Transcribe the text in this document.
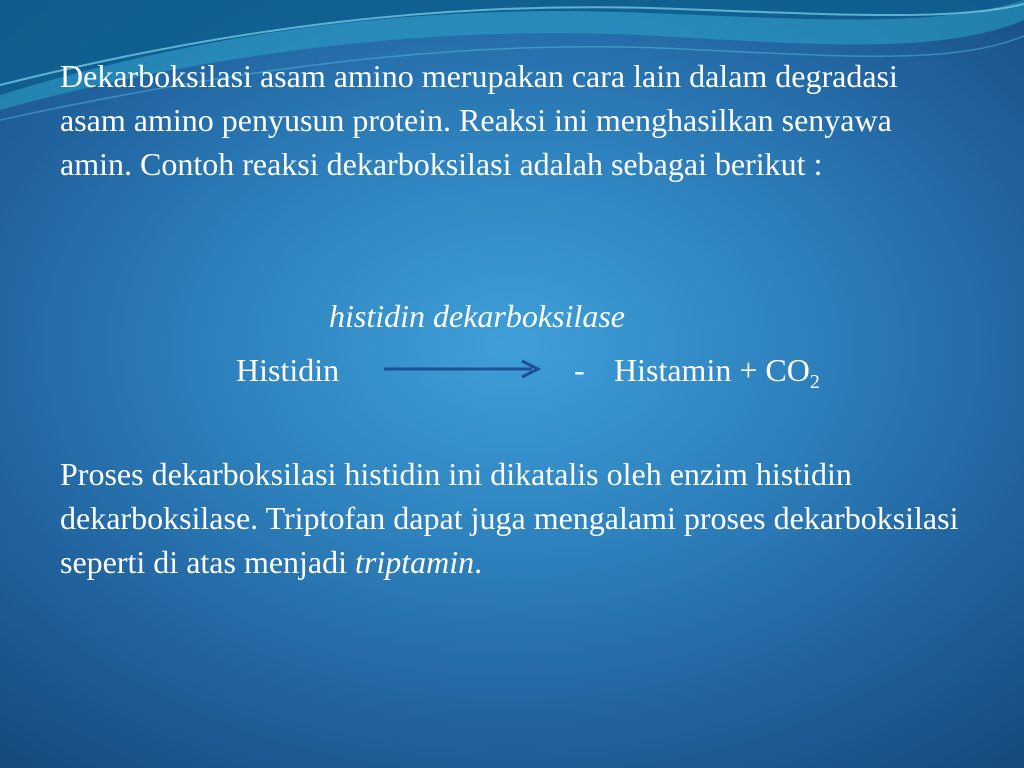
Dekarboksilasi asam amino merupakan cara lain dalam degradasi asam amino penyusun protein. Reaksi ini menghasilkan senyawa amin. Contoh reaksi dekarboksilasi adalah sebagai berikut :

histidin dekarboksilase
Histidin	- Histamin + $CO_2$

Proses dekarboksilasi histidin ini dikatalis oleh enzim histidin dekarboksilase. Triptofan dapat juga mengalami proses dekarboksilasi seperti di atas menjadi triptamin.
